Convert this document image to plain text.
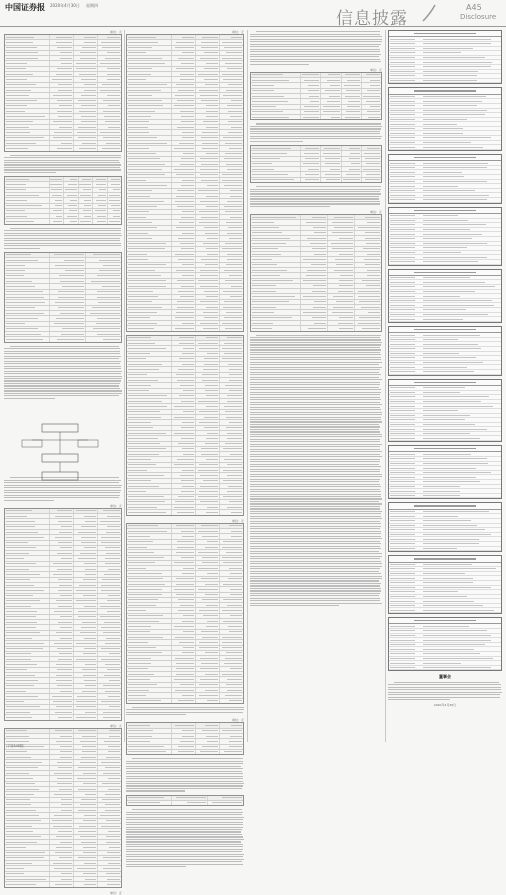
中国证券报 2020年4月30日 星期四
信息披露
A45
Disclosure
单位：元
单位：元
单位：元
单位：元
单位：元
单位：元
单位：元
单位：元
单位：元
董事会
2020年4月30日
（下转A46版）
